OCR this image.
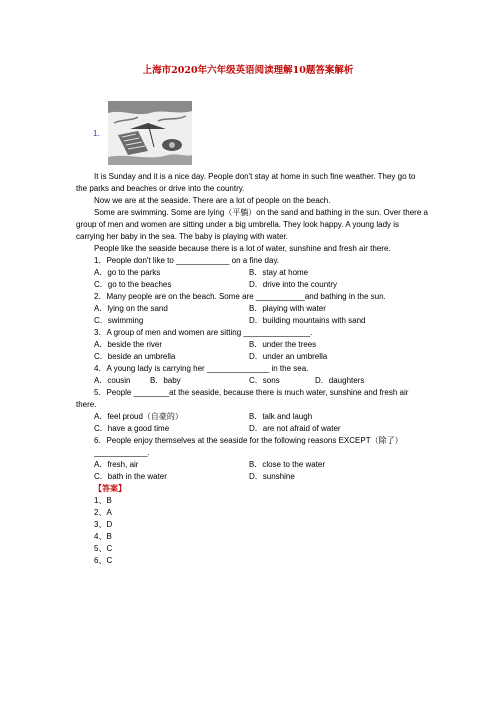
上海市2020年六年级英语阅读理解10题答案解析
1．

It is Sunday and it is a nice day. People don't stay at home in such fine weather. They go to the parks and beaches or drive into the country.

Now we are at the seaside. There are a lot of people on the beach.

Some are swimming. Some are lying（平躺）on the sand and bathing in the sun. Over there a group of men and women are sitting under a big umbrella. They look happy. A young lady is carrying her baby in the sea. The baby is playing with water.

People like the seaside because there is a lot of water, sunshine and fresh air there.

1．People don't like to ____________ on a fine day.
A．go to the parks	B．stay at home
C．go to the beaches	D．drive into the country
2．Many people are on the beach. Some are ___________and bathing in the sun.
A．lying on the sand	B．playing with water
C．swimming	D．building mountains with sand
3．A group of men and women are sitting _______________.
A．beside the river	B．under the trees
C．beside an umbrella	D．under an umbrella
4．A young lady is carrying her ______________ in the sea.
A．cousin	B．baby	C．sons	D．daughters

5．People ________at the seaside, because there is much water, sunshine and fresh air there.

A．feel proud（自豪的）	B．talk and laugh
C．have a good time	D．are not afraid of water

6．People enjoy themselves at the seaside for the following reasons EXCEPT（除了）

____________.
A．fresh, air	B．close to the water
C．bath in the water	D．sunshine
【答案】
1、B
2、A
3、D
4、B
5、C
6、C
